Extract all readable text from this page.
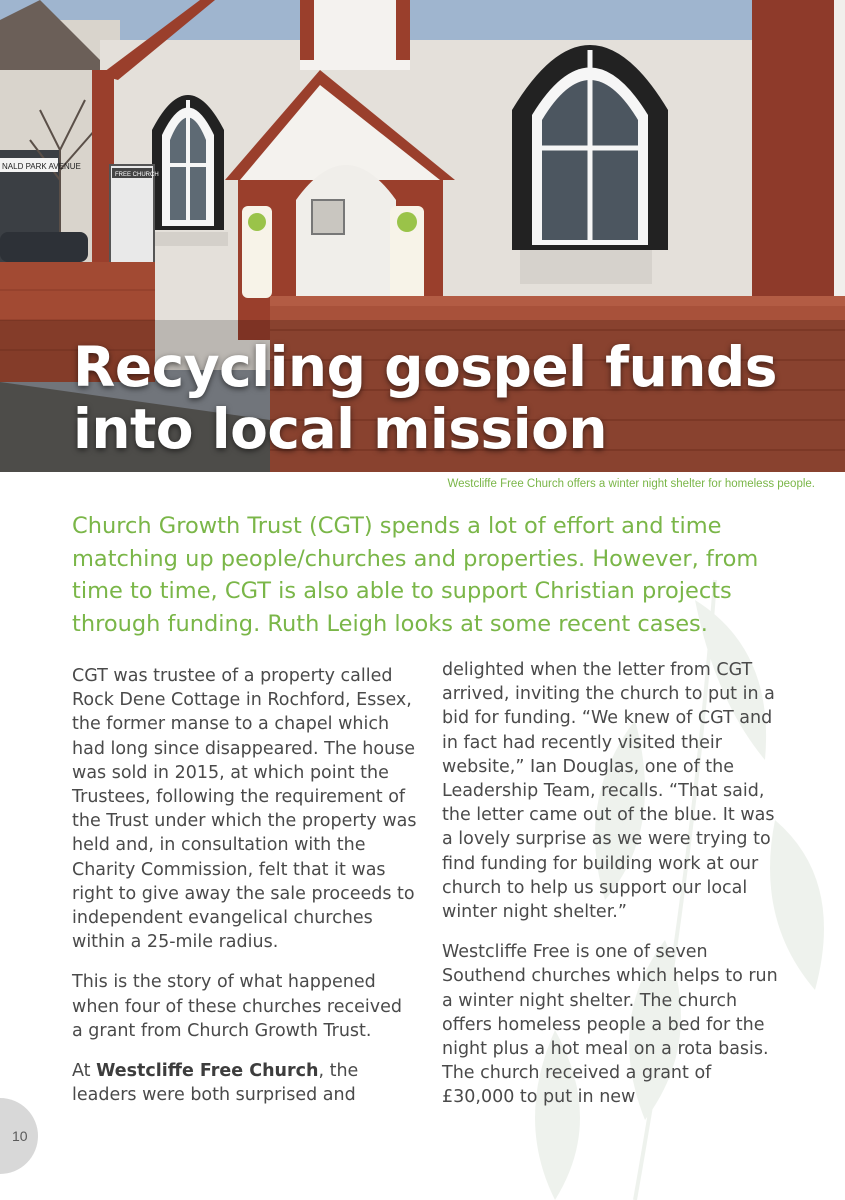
NALD PARK AVENUE
FREE CHURCH
Recycling gospel funds
into local mission
Westcliffe Free Church offers a winter night shelter for homeless people.

Church Growth Trust (CGT) spends a lot of effort and time matching up people/churches and properties. However, from time to time, CGT is also able to support Christian projects through funding. Ruth Leigh looks at some recent cases.

CGT was trustee of a property called Rock Dene Cottage in Rochford, Essex, the former manse to a chapel which had long since disappeared. The house was sold in 2015, at which point the Trustees, following the requirement of the Trust under which the property was held and, in consultation with the Charity Commission, felt that it was right to give away the sale proceeds to independent evangelical churches within a 25-mile radius.

This is the story of what happened when four of these churches received a grant from Church Growth Trust.

At Westcliffe Free Church, the leaders were both surprised and

delighted when the letter from CGT arrived, inviting the church to put in a bid for funding. “We knew of CGT and in fact had recently visited their website,” Ian Douglas, one of the Leadership Team, recalls. “That said, the letter came out of the blue. It was a lovely surprise as we were trying to find funding for building work at our church to help us support our local winter night shelter.”

Westcliffe Free is one of seven Southend churches which helps to run a winter night shelter. The church offers homeless people a bed for the night plus a hot meal on a rota basis. The church received a grant of £30,000 to put in new

10
